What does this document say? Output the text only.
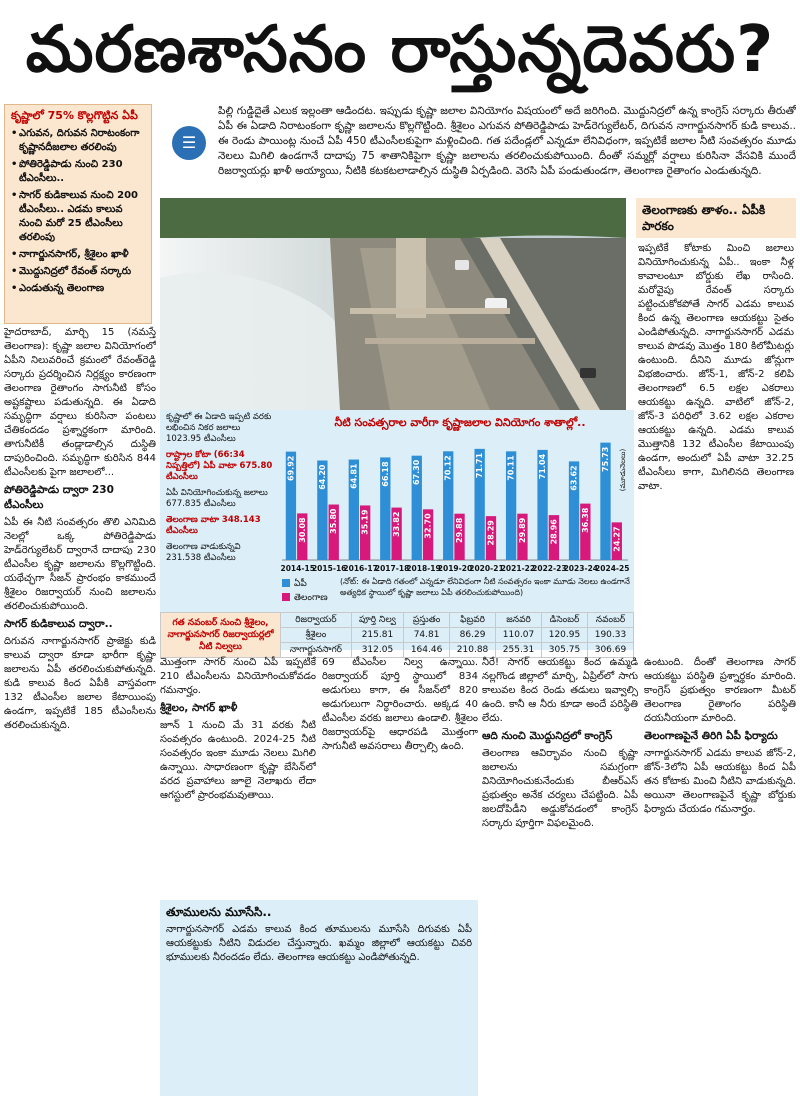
మరణశాసనం రాస్తున్నదెవరు?
కృష్ణాలో 75% కొల్లగొట్టిన ఏపీ
• ఎగువన, దిగువన నిరాటంకంగా కృష్ణానదీజలాల తరలింపు
• పోతిరెడ్డిపాడు నుంచి 230 టీఎంసీలు..
• సాగర్ కుడికాలువ నుంచి 200 టీఎంసీలు.. ఎడమ కాలువ నుంచి మరో 25 టీఎంసీలు తరలింపు
• నాగార్జునసాగర్, శ్రీశైలం ఖాళీ
• మొద్దునిద్రలో రేవంత్ సర్కారు
• ఎండుతున్న తెలంగాణ
☰
పిల్లి గుడ్డిదైతే ఎలుక ఇల్లంతా ఆడిందట. ఇప్పుడు కృష్ణా జలాల వినియోగం విషయంలో అదే జరిగింది. మొద్దునిద్రలో ఉన్న కాంగ్రెస్ సర్కారు తీరుతో ఏపీ ఈ ఏడాది నిరాటంకంగా కృష్ణా జలాలను కొల్లగొట్టింది. శ్రీశైలం ఎగువన పోతిరెడ్డిపాడు హెడ్‌రెగ్యులేటర్, దిగువన నాగార్జునసాగర్ కుడి కాలువ.. ఈ రెండు పాయింట్ల నుంచే ఏపీ 450 టీఎంసీలకుపైగా మళ్లించింది. గత పదేండ్లలో ఎన్నడూ లేనివిధంగా, ఇప్పటికే జలాల నీటి సంవత్సరం మూడు నెలలు మిగిలి ఉండగానే దాదాపు 75 శాతానికిపైగా కృష్ణా జలాలను తరలించుకుపోయింది. దీంతో సమ్మర్లో వర్షాలు కురిసినా వేసవికి ముందే రిజర్వాయర్లు ఖాళీ అయ్యాయి, నీటికి కటకటలాడాల్సిన దుస్థితి ఏర్పడింది. వెరసి ఏపీ పండుతుండగా, తెలంగాణ రైతాంగం ఎండుతున్నది.
తెలంగాణకు తాళం.. ఏపీకి పారకం
ఇప్పటికే కోటాకు మించి జలాలు వినియోగించుకున్న ఏపీ.. ఇంకా నీళ్ల కావాలంటూ బోర్డుకు లేఖ రాసింది. మరోవైపు రేవంత్ సర్కారు పట్టించుకోకపోతే సాగర్ ఎడమ కాలువ కింద ఉన్న తెలంగాణ ఆయకట్టు సైతం ఎండిపోతున్నది. నాగార్జునసాగర్ ఎడమ కాలువ పొడవు మొత్తం 180 కిలోమీటర్లు ఉంటుంది. దీనిని మూడు జోన్లుగా విభజించారు. జోన్-1, జోన్-2 కలిపి తెలంగాణలో 6.5 లక్షల ఎకరాలు ఆయకట్టు ఉన్నది. వాటిలో జోన్-2, జోన్-3 పరిధిలో 3.62 లక్షల ఎకరాల ఆయకట్టు ఉన్నది. ఎడమ కాలువ మొత్తానికి 132 టీఎంసీల కేటాయింపు ఉండగా, అందులో ఏపీ వాటా 32.25 టీఎంసీలు కాగా, మిగిలినది తెలంగాణ వాటా.
హైదరాబాద్, మార్చి 15 (నమస్తే తెలంగాణ): కృష్ణా జలాల వినియోగంలో ఏపీని నిలువరించే క్రమంలో రేవంత్‌రెడ్డి సర్కారు ప్రదర్శించిన నిర్లక్ష్యం కారణంగా తెలంగాణ రైతాంగం సాగునీటి కోసం అష్టకష్టాలు పడుతున్నది. ఈ ఏడాది సమృద్ధిగా వర్షాలు కురిసినా పంటలు చేతికందడం ప్రశ్నార్థకంగా మారింది. తాగునీటికీ తండ్లాడాల్సిన దుస్థితి దాపురించింది. సమృద్ధిగా కురిసిన 844 టీఎంసీలకు పైగా జలాలలో...
పోతిరెడ్డిపాడు ద్వారా 230 టీఎంసీలు
ఏపీ ఈ నీటి సంవత్సరం తొలి ఎనిమిది నెలల్లో ఒక్క పోతిరెడ్డిపాడు హెడ్‌రెగ్యులేటర్ ద్వారానే దాదాపు 230 టీఎంసీల కృష్ణా జలాలను కొల్లగొట్టింది. యథేచ్ఛగా సీజన్ ప్రారంభం కాకముందే శ్రీశైలం రిజర్వాయర్ నుంచి జలాలను తరలించుకుపోయింది.
సాగర్ కుడికాలువ ద్వారా..
దిగువన నాగార్జునసాగర్ ప్రాజెక్టు కుడి కాలువ ద్వారా కూడా భారీగా కృష్ణా జలాలను ఏపీ తరలించుకుపోతున్నది. కుడి కాలువ కింద ఏపీకి వాస్తవంగా 132 టీఎంసీల జలాల కేటాయింపు ఉండగా, ఇప్పటికే 185 టీఎంసీలను తరలించుకున్నది.
నీటి సంవత్సరాల వారీగా కృష్ణాజలాల వినియోగం శాతాల్లో..
69.92
30.08
2014-15
64.20
35.80
2015-16
64.81
35.19
2016-17
66.18
33.82
2017-18
67.30
32.70
2018-19
70.12
29.88
2019-20
71.71
28.29
2020-21
70.11
29.89
2021-22
71.04
28.96
2022-23
63.62
36.38
2023-24
75.73
24.27
2024-25
(మూడునెలలు)
ఏపీ
తెలంగాణ
(నోట్: ఈ ఏడాది గతంలో ఎన్నడూ లేనివిధంగా నీటి సంవత్సరం ఇంకా మూడు నెలలు ఉండగానే అత్యధిక స్థాయిలో కృష్ణా జలాలు ఏపీ తరలించుకుపోయింది)
కృష్ణాలో ఈ ఏడాది ఇప్పటి వరకు లభించిన నికర జలాలు 1023.95 టీఎంసీలు
రాష్ట్రాల కోటా (66:34 నిష్పత్తిలో) ఏపీ వాటా 675.80 టీఎంసీలు
ఏపీ వినియోగించుకున్న జలాలు 677.835 టీఎంసీలు
తెలంగాణ వాటా 348.143 టీఎంసీలు
తెలంగాణ వాడుకున్నవి 231.538 టీఎంసీలు
గత నవంబర్ నుంచి శ్రీశైలం, నాగార్జునసాగర్ రిజర్వాయర్లలో నీటి నిల్వలు	రిజర్వాయర్	పూర్తి నిల్వ	ప్రస్తుతం	ఫిబ్రవరి	జనవరి	డిసెంబర్	నవంబర్
	శ్రీశైలం	215.81	74.81	86.29	110.07	120.95	190.33
	నాగార్జునసాగర్	312.05	164.46	210.88	255.31	305.75	306.69
మొత్తంగా సాగర్ నుంచి ఏపీ ఇప్పటికే 210 టీఎంసీలను వినియోగించుకోవడం గమనార్హం.
శ్రీశైలం, సాగర్ ఖాళీ
జూన్ 1 నుంచి మే 31 వరకు నీటి సంవత్సరం ఉంటుంది. 2024-25 నీటి సంవత్సరం ఇంకా మూడు నెలలు మిగిలి ఉన్నాయి. సాధారణంగా కృష్ణా బేసిన్‌లో వరద ప్రవాహాలు జూలై నెలాఖరు లేదా ఆగస్టులో ప్రారంభమవుతాయి.
69 టీఎంసీల నిల్వ ఉన్నాయి. రిజర్వాయర్ పూర్తి స్థాయిలో 834 అడుగులు కాగా, ఈ సీజన్‌లో 820 అడుగులుగా నిర్ధారించారు. అక్కడ 40 టీఎంసీల వరకు జలాలు ఉండాలి. శ్రీశైలం రిజర్వాయర్‌పై ఆధారపడి మొత్తంగా సాగునీటి అవసరాలు తీర్చాల్సి ఉంది.
నీరే! సాగర్ ఆయకట్టు కింద ఉమ్మడి నల్లగొండ జిల్లాలో మార్చి, ఏప్రిల్‌లో సాగు కాలువల కింద రెండు తడులు ఇవ్వాల్సి ఉంది. కానీ ఆ నీరు కూడా అందే పరిస్థితి లేదు.
ఆది నుంచి మొద్దునిద్రలో కాంగ్రెస్
తెలంగాణ ఆవిర్భావం నుంచి కృష్ణా జలాలను సమగ్రంగా వినియోగించుకునేందుకు బీఆర్‌ఎస్ ప్రభుత్వం అనేక చర్యలు చేపట్టింది. ఏపీ జలదోపిడీని అడ్డుకోవడంలో కాంగ్రెస్ సర్కారు పూర్తిగా విఫలమైంది.
ఉంటుంది. దీంతో తెలంగాణ సాగర్ ఆయకట్టు పరిస్థితి ప్రశ్నార్థకం మారింది. కాంగ్రెస్ ప్రభుత్వం కారణంగా మీటర్ తెలంగాణ రైతాంగం పరిస్థితి దయనీయంగా మారింది.
తెలంగాణపైనే తిరిగి ఏపీ ఫిర్యాదు
నాగార్జునసాగర్ ఎడమ కాలువ జోన్-2, జోన్-3లోని ఏపీ ఆయకట్టు కింద ఏపీ తన కోటాకు మించి నీటిని వాడుకున్నది. అయినా తెలంగాణపైనే కృష్ణా బోర్డుకు ఫిర్యాదు చేయడం గమనార్హం.
తూములను మూసేసి..
నాగార్జునసాగర్ ఎడమ కాలువ కింద తూములను మూసేసి దిగువకు ఏపీ ఆయకట్టుకు నీటిని విడుదల చేస్తున్నారు. ఖమ్మం జిల్లాలో ఆయకట్టు చివరి భూములకు నీరందడం లేదు. తెలంగాణ ఆయకట్టు ఎండిపోతున్నది.
